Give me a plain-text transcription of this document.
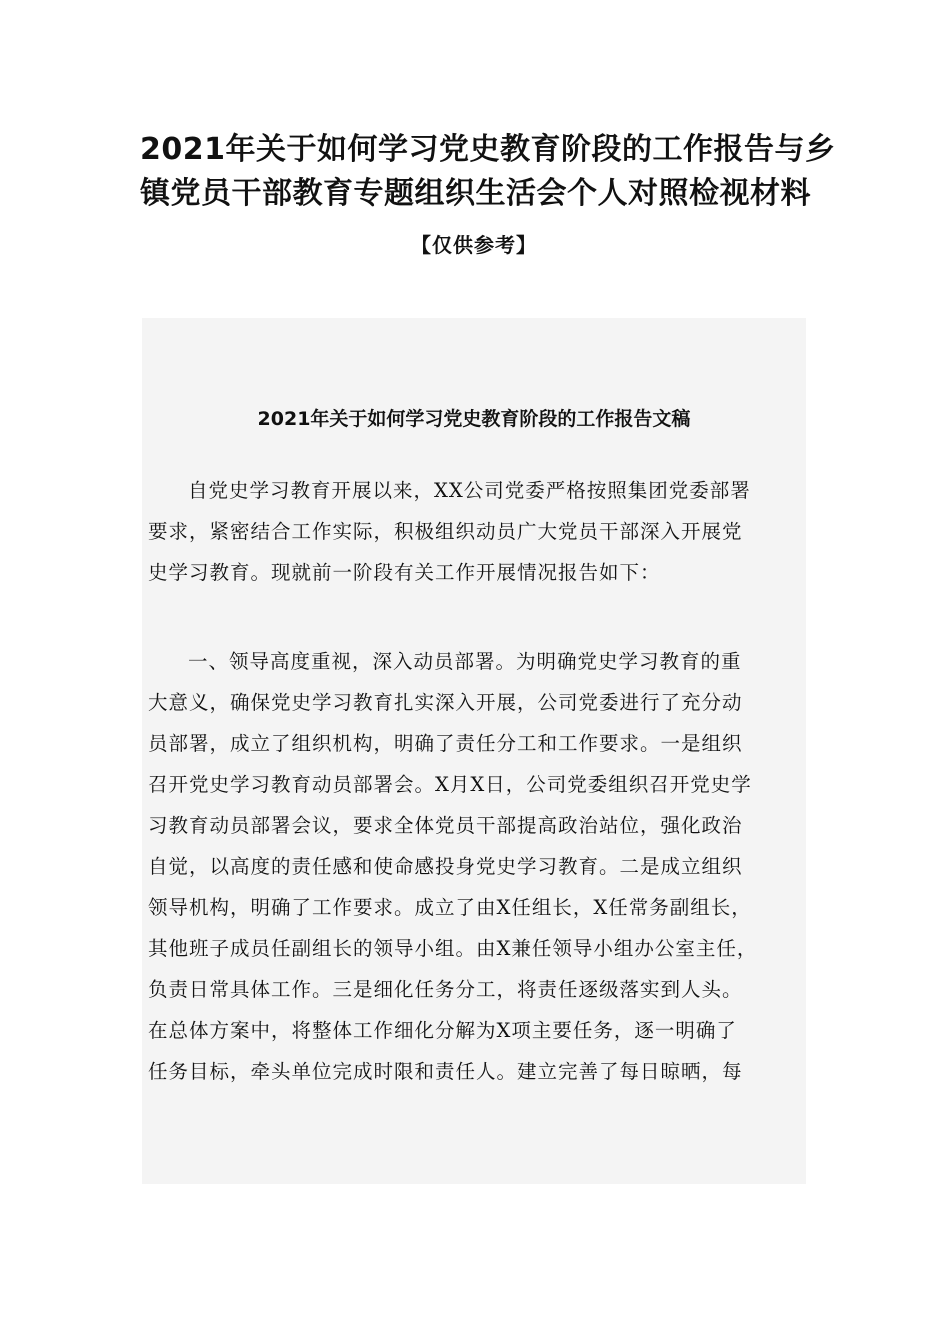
2021年关于如何学习党史教育阶段的工作报告与乡
镇党员干部教育专题组织生活会个人对照检视材料
【仅供参考】
2021年关于如何学习党史教育阶段的工作报告文稿

自党史学习教育开展以来，XX公司党委严格按照集团党委部署
要求，紧密结合工作实际，积极组织动员广大党员干部深入开展党
史学习教育。现就前一阶段有关工作开展情况报告如下：

一、领导高度重视，深入动员部署。为明确党史学习教育的重
大意义，确保党史学习教育扎实深入开展，公司党委进行了充分动
员部署，成立了组织机构，明确了责任分工和工作要求。一是组织
召开党史学习教育动员部署会。X月X日，公司党委组织召开党史学
习教育动员部署会议，要求全体党员干部提高政治站位，强化政治
自觉，以高度的责任感和使命感投身党史学习教育。二是成立组织
领导机构，明确了工作要求。成立了由X任组长，X任常务副组长，
其他班子成员任副组长的领导小组。由X兼任领导小组办公室主任，
负责日常具体工作。三是细化任务分工，将责任逐级落实到人头。
在总体方案中，将整体工作细化分解为X项主要任务，逐一明确了
任务目标，牵头单位完成时限和责任人。建立完善了每日晾晒，每
